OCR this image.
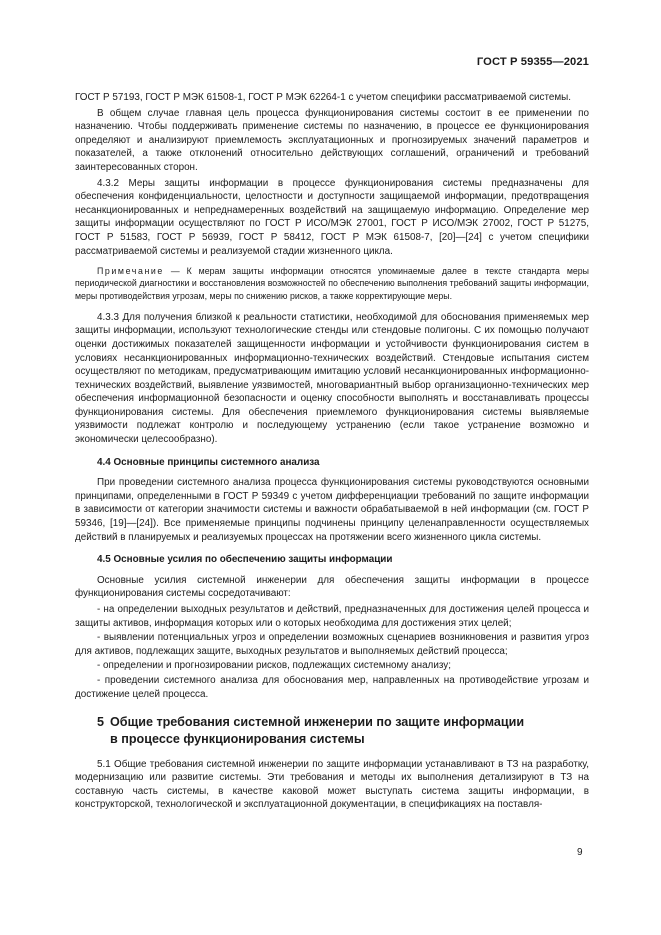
ГОСТ Р 59355—2021

ГОСТ Р 57193, ГОСТ Р МЭК 61508-1, ГОСТ Р МЭК 62264-1 с учетом специфики рассматриваемой системы.

В общем случае главная цель процесса функционирования системы состоит в ее применении по назначению. Чтобы поддерживать применение системы по назначению, в процессе ее функционирования определяют и анализируют приемлемость эксплуатационных и прогнозируемых значений параметров и показателей, а также отклонений относительно действующих соглашений, ограничений и требований заинтересованных сторон.

4.3.2 Меры защиты информации в процессе функционирования системы предназначены для обеспечения конфиденциальности, целостности и доступности защищаемой информации, предотвращения несанкционированных и непреднамеренных воздействий на защищаемую информацию. Определение мер защиты информации осуществляют по ГОСТ Р ИСО/МЭК 27001, ГОСТ Р ИСО/МЭК 27002, ГОСТ Р 51275, ГОСТ Р 51583, ГОСТ Р 56939, ГОСТ Р 58412, ГОСТ Р МЭК 61508-7, [20]—[24] с учетом специфики рассматриваемой системы и реализуемой стадии жизненного цикла.

Примечание — К мерам защиты информации относятся упоминаемые далее в тексте стандарта меры периодической диагностики и восстановления возможностей по обеспечению выполнения требований защиты информации, меры противодействия угрозам, меры по снижению рисков, а также корректирующие меры.

4.3.3 Для получения близкой к реальности статистики, необходимой для обоснования применяемых мер защиты информации, используют технологические стенды или стендовые полигоны. С их помощью получают оценки достижимых показателей защищенности информации и устойчивости функционирования систем в условиях несанкционированных информационно-технических воздействий. Стендовые испытания систем осуществляют по методикам, предусматривающим имитацию условий несанкционированных информационно-технических воздействий, выявление уязвимостей, многовариантный выбор организационно-технических мер обеспечения информационной безопасности и оценку способности выполнять и восстанавливать процессы функционирования системы. Для обеспечения приемлемого функционирования системы выявляемые уязвимости подлежат контролю и последующему устранению (если такое устранение возможно и экономически целесообразно).

4.4 Основные принципы системного анализа

При проведении системного анализа процесса функционирования системы руководствуются основными принципами, определенными в ГОСТ Р 59349 с учетом дифференциации требований по защите информации в зависимости от категории значимости системы и важности обрабатываемой в ней информации (см. ГОСТ Р 59346, [19]—[24]). Все применяемые принципы подчинены принципу целенаправленности осуществляемых действий в планируемых и реализуемых процессах на протяжении всего жизненного цикла системы.

4.5 Основные усилия по обеспечению защиты информации

Основные усилия системной инженерии для обеспечения защиты информации в процессе функционирования системы сосредотачивают:

- на определении выходных результатов и действий, предназначенных для достижения целей процесса и защиты активов, информация которых или о которых необходима для достижения этих целей;

- выявлении потенциальных угроз и определении возможных сценариев возникновения и развития угроз для активов, подлежащих защите, выходных результатов и выполняемых действий процесса;

- определении и прогнозировании рисков, подлежащих системному анализу;

- проведении системного анализа для обоснования мер, направленных на противодействие угрозам и достижение целей процесса.

5 Общие требования системной инженерии по защите информации
в процессе функционирования системы

5.1 Общие требования системной инженерии по защите информации устанавливают в ТЗ на разработку, модернизацию или развитие системы. Эти требования и методы их выполнения детализируют в ТЗ на составную часть системы, в качестве каковой может выступать система защиты информации, в конструкторской, технологической и эксплуатационной документации, в спецификациях на поставля-

9
